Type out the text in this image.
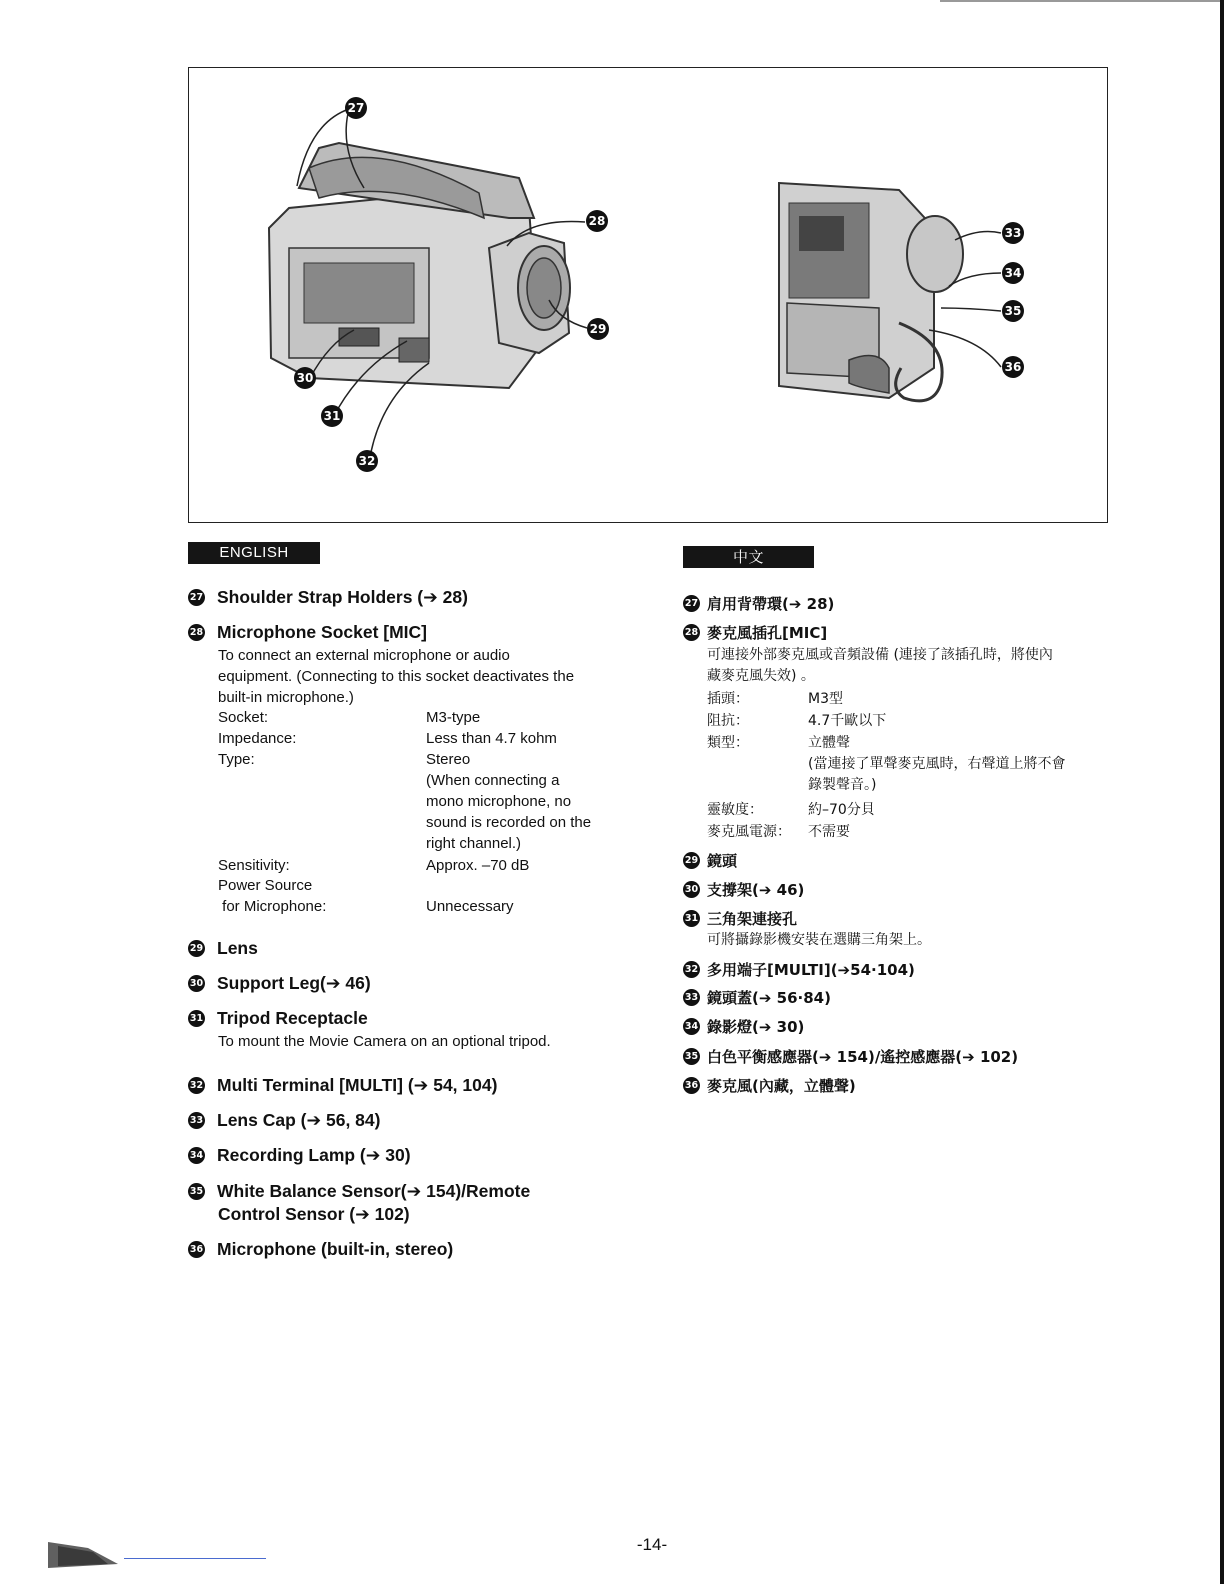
27
28
29
30
31
32
33
34
35
36
ENGLISH	中文
27 Shoulder Strap Holders (➔ 28)
28 Microphone Socket [MIC]
To connect an external microphone or audio
equipment. (Connecting to this socket deactivates the
built-in microphone.)
Socket:	M3-type
Impedance:	Less than 4.7 kohm
Type:	Stereo
(When connecting a
mono microphone, no
sound is recorded on the
right channel.)
Sensitivity:	Approx. –70 dB
Power Source
for Microphone:	Unnecessary
29 Lens
30 Support Leg(➔ 46)
31 Tripod Receptacle
To mount the Movie Camera on an optional tripod.
32 Multi Terminal [MULTI] (➔ 54, 104)
33 Lens Cap (➔ 56, 84)
34 Recording Lamp (➔ 30)
35 White Balance Sensor(➔ 154)/Remote
Control Sensor (➔ 102)
36 Microphone (built-in, stereo)
27 肩用背帶環(➔ 28)
28 麥克風插孔[MIC]
可連接外部麥克風或音頻設備 (連接了該插孔時，將使內
藏麥克風失效) 。
插頭：	M3型
阻抗：	4.7千歐以下
類型：	立體聲
(當連接了單聲麥克風時，右聲道上將不會
錄製聲音。)
靈敏度：	約–70分貝
麥克風電源：	不需要
29 鏡頭
30 支撐架(➔ 46)
31 三角架連接孔
可將攝錄影機安裝在選購三角架上。
32 多用端子[MULTI](➔54·104)
33 鏡頭蓋(➔ 56·84)
34 錄影燈(➔ 30)
35 白色平衡感應器(➔ 154)/遙控感應器(➔ 102)
36 麥克風(內藏，立體聲)
-14-
